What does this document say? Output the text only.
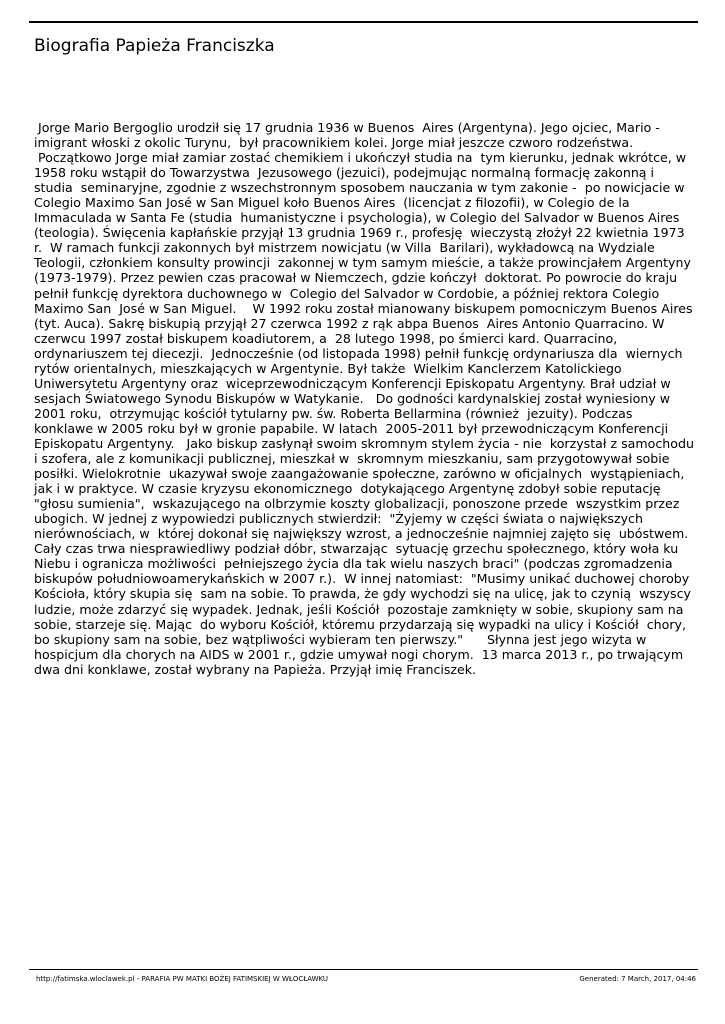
Biografia Papieża Franciszka

Jorge Mario Bergoglio urodził się 17 grudnia 1936 w Buenos  Aires (Argentyna). Jego ojciec, Mario -
imigrant włoski z okolic Turynu,  był pracownikiem kolei. Jorge miał jeszcze czworo rodzeństwa.
Początkowo Jorge miał zamiar zostać chemikiem i ukończył studia na  tym kierunku, jednak wkrótce, w
1958 roku wstąpił do Towarzystwa  Jezusowego (jezuici), podejmując normalną formację zakonną i
studia  seminaryjne, zgodnie z wszechstronnym sposobem nauczania w tym zakonie -  po nowicjacie w
Colegio Maximo San José w San Miguel koło Buenos Aires  (licencjat z filozofii), w Colegio de la
Immaculada w Santa Fe (studia  humanistyczne i psychologia), w Colegio del Salvador w Buenos Aires
(teologia). Święcenia kapłańskie przyjął 13 grudnia 1969 r., profesję  wieczystą złożył 22 kwietnia 1973
r.  W ramach funkcji zakonnych był mistrzem nowicjatu (w Villa  Barilari), wykładowcą na Wydziale
Teologii, członkiem konsulty prowincji  zakonnej w tym samym mieście, a także prowincjałem Argentyny
(1973-1979). Przez pewien czas pracował w Niemczech, gdzie kończył  doktorat. Po powrocie do kraju
pełnił funkcję dyrektora duchownego w  Colegio del Salvador w Cordobie, a później rektora Colegio
Maximo San  José w San Miguel.    W 1992 roku został mianowany biskupem pomocniczym Buenos Aires
(tyt. Auca). Sakrę biskupią przyjął 27 czerwca 1992 z rąk abpa Buenos  Aires Antonio Quarracino. W
czerwcu 1997 został biskupem koadiutorem, a  28 lutego 1998, po śmierci kard. Quarracino,
ordynariuszem tej diecezji.  Jednocześnie (od listopada 1998) pełnił funkcję ordynariusza dla  wiernych
rytów orientalnych, mieszkających w Argentynie. Był także  Wielkim Kanclerzem Katolickiego
Uniwersytetu Argentyny oraz  wiceprzewodniczącym Konferencji Episkopatu Argentyny. Brał udział w
sesjach Światowego Synodu Biskupów w Watykanie.   Do godności kardynalskiej został wyniesiony w
2001 roku,  otrzymując kościół tytularny pw. św. Roberta Bellarmina (również  jezuity). Podczas
konklawe w 2005 roku był w gronie papabile. W latach  2005-2011 był przewodniczącym Konferencji
Episkopatu Argentyny.   Jako biskup zasłynął swoim skromnym stylem życia - nie  korzystał z samochodu
i szofera, ale z komunikacji publicznej, mieszkał w  skromnym mieszkaniu, sam przygotowywał sobie
posiłki. Wielokrotnie  ukazywał swoje zaangażowanie społeczne, zarówno w oficjalnych  wystąpieniach,
jak i w praktyce. W czasie kryzysu ekonomicznego  dotykającego Argentynę zdobył sobie reputację
"głosu sumienia",  wskazującego na olbrzymie koszty globalizacji, ponoszone przede  wszystkim przez
ubogich. W jednej z wypowiedzi publicznych stwierdził:  "Żyjemy w części świata o największych
nierównościach, w  której dokonał się największy wzrost, a jednocześnie najmniej zajęto się  ubóstwem.
Cały czas trwa niesprawiedliwy podział dóbr, stwarzając  sytuację grzechu społecznego, który woła ku
Niebu i ogranicza możliwości  pełniejszego życia dla tak wielu naszych braci" (podczas zgromadzenia
biskupów południowoamerykańskich w 2007 r.).  W innej natomiast:  "Musimy unikać duchowej choroby
Kościoła, który skupia się  sam na sobie. To prawda, że gdy wychodzi się na ulicę, jak to czynią  wszyscy
ludzie, może zdarzyć się wypadek. Jednak, jeśli Kościół  pozostaje zamknięty w sobie, skupiony sam na
sobie, starzeje się. Mając  do wyboru Kościół, któremu przydarzają się wypadki na ulicy i Kościół  chory,
bo skupiony sam na sobie, bez wątpliwości wybieram ten pierwszy."      Słynna jest jego wizyta w
hospicjum dla chorych na AIDS w 2001 r., gdzie umywał nogi chorym.  13 marca 2013 r., po trwającym
dwa dni konklawe, został wybrany na Papieża. Przyjął imię Franciszek.

http://fatimska.wloclawek.pl - PARAFIA PW MATKI BOŻEJ FATIMSKIEJ W WŁOCŁAWKU	Generated: 7 March, 2017, 04:46
